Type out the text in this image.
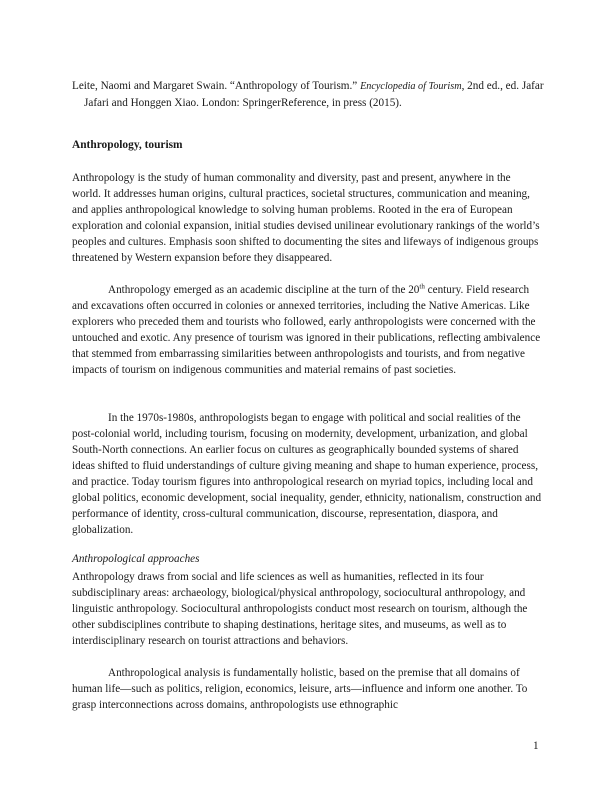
Leite, Naomi and Margaret Swain. “Anthropology of Tourism.” Encyclopedia of Tourism, 2nd ed., ed. Jafar Jafari and Honggen Xiao. London: SpringerReference, in press (2015).
Anthropology, tourism

Anthropology is the study of human commonality and diversity, past and present, anywhere in the world. It addresses human origins, cultural practices, societal structures, communication and meaning, and applies anthropological knowledge to solving human problems. Rooted in the era of European exploration and colonial expansion, initial studies devised unilinear evolutionary rankings of the world’s peoples and cultures. Emphasis soon shifted to documenting the sites and lifeways of indigenous groups threatened by Western expansion before they disappeared.

Anthropology emerged as an academic discipline at the turn of the 20th century. Field research and excavations often occurred in colonies or annexed territories, including the Native Americas. Like explorers who preceded them and tourists who followed, early anthropologists were concerned with the untouched and exotic. Any presence of tourism was ignored in their publications, reflecting ambivalence that stemmed from embarrassing similarities between anthropologists and tourists, and from negative impacts of tourism on indigenous communities and material remains of past societies.

In the 1970s-1980s, anthropologists began to engage with political and social realities of the post-colonial world, including tourism, focusing on modernity, development, urbanization, and global South-North connections. An earlier focus on cultures as geographically bounded systems of shared ideas shifted to fluid understandings of culture giving meaning and shape to human experience, process, and practice. Today tourism figures into anthropological research on myriad topics, including local and global politics, economic development, social inequality, gender, ethnicity, nationalism, construction and performance of identity, cross-cultural communication, discourse, representation, diaspora, and globalization.

Anthropological approaches

Anthropology draws from social and life sciences as well as humanities, reflected in its four subdisciplinary areas: archaeology, biological/physical anthropology, sociocultural anthropology, and linguistic anthropology. Sociocultural anthropologists conduct most research on tourism, although the other subdisciplines contribute to shaping destinations, heritage sites, and museums, as well as to interdisciplinary research on tourist attractions and behaviors.

Anthropological analysis is fundamentally holistic, based on the premise that all domains of human life—such as politics, religion, economics, leisure, arts—influence and inform one another. To grasp interconnections across domains, anthropologists use ethnographic

1
